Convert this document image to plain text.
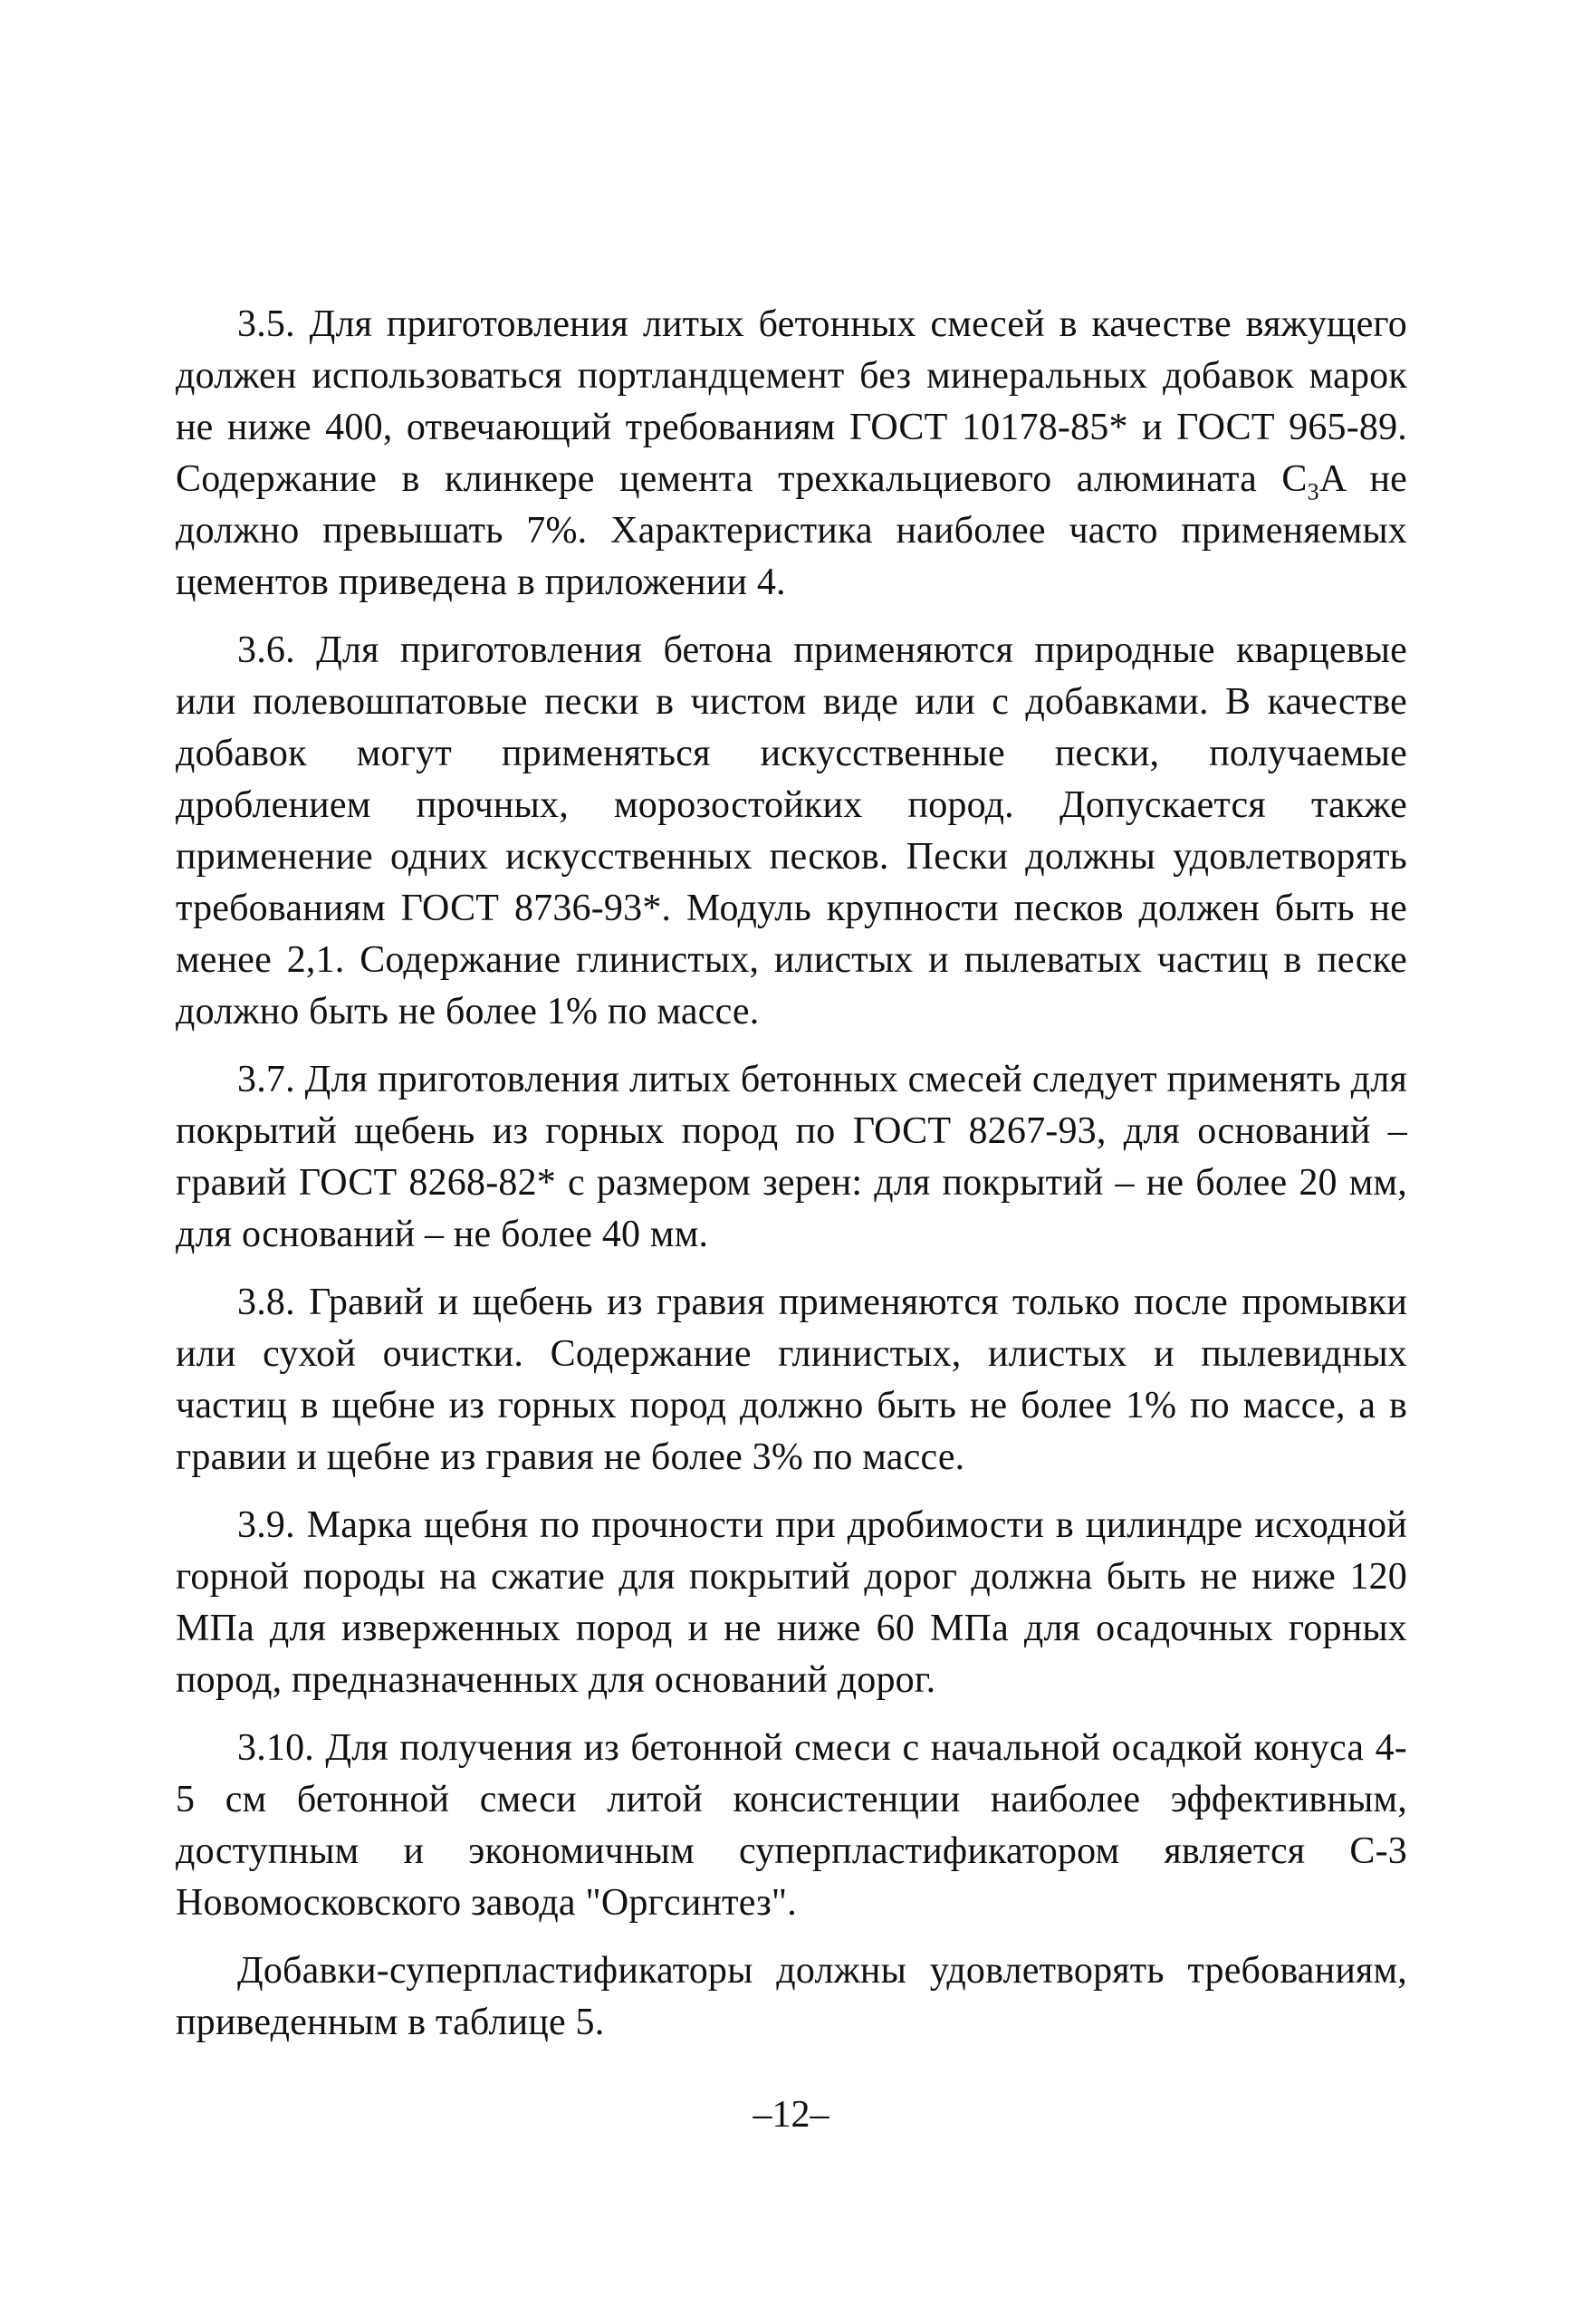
3.5. Для приготовления литых бетонных смесей в качестве вяжущего должен использоваться портландцемент без минеральных добавок марок не ниже 400, отвечающий требованиям ГОСТ 10178-85* и ГОСТ 965-89. Содержание в клинкере цемента трехкальциевого алюмината $C_3A$ не должно превышать 7%. Характеристика наиболее часто применяемых цементов приведена в приложении 4.

3.6. Для приготовления бетона применяются природные кварцевые или полевошпатовые пески в чистом виде или с добавками. В качестве добавок могут применяться искусственные пески, получаемые дроблением прочных, морозостойких пород. Допускается также применение одних искусственных песков. Пески должны удовлетворять требованиям ГОСТ 8736-93*. Модуль крупности песков должен быть не менее 2,1. Содержание глинистых, илистых и пылеватых частиц в песке должно быть не более 1% по массе.

3.7. Для приготовления литых бетонных смесей следует применять для покрытий щебень из горных пород по ГОСТ 8267-93, для оснований – гравий ГОСТ 8268-82* с размером зерен: для покрытий – не более 20 мм, для оснований – не более 40 мм.

3.8. Гравий и щебень из гравия применяются только после промывки или сухой очистки. Содержание глинистых, илистых и пылевидных частиц в щебне из горных пород должно быть не более 1% по массе, а в гравии и щебне из гравия не более 3% по массе.

3.9. Марка щебня по прочности при дробимости в цилиндре исходной горной породы на сжатие для покрытий дорог должна быть не ниже 120 МПа для изверженных пород и не ниже 60 МПа для осадочных горных пород, предназначенных для оснований дорог.

3.10. Для получения из бетонной смеси с начальной осадкой конуса 4-5 см бетонной смеси литой консистенции наиболее эффективным, доступным и экономичным суперпластификатором является С-3 Новомосковского завода "Оргсинтез".

Добавки-суперпластификаторы должны удовлетворять требованиям, приведенным в таблице 5.

–12–
